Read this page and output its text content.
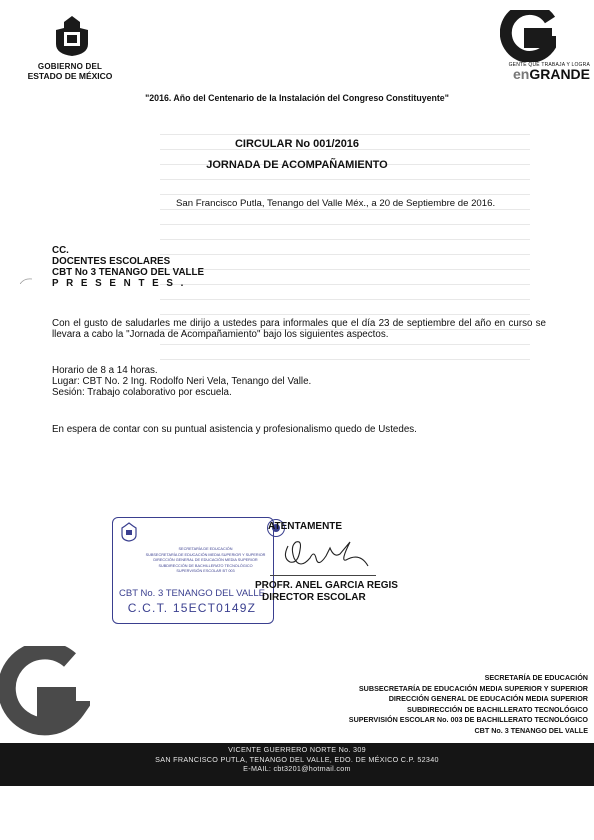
GOBIERNO DEL
ESTADO DE MÉXICO
GENTE QUE TRABAJA Y LOGRA
enGRANDE
"2016. Año del Centenario de la Instalación del Congreso Constituyente"
CIRCULAR No 001/2016
JORNADA DE ACOMPAÑAMIENTO
San Francisco Putla, Tenango del Valle Méx., a 20 de Septiembre de 2016.
CC.
DOCENTES ESCOLARES
CBT No 3 TENANGO DEL VALLE
P R E S E N T E S .
Con el gusto de saludarles me dirijo a ustedes para informales que el día 23 de septiembre del año en curso se llevara a cabo la "Jornada de Acompañamiento" bajo los siguientes aspectos.
Horario de 8 a 14 horas.
Lugar: CBT No. 2 Ing. Rodolfo Neri Vela, Tenango del Valle.
Sesión: Trabajo colaborativo por escuela.
En espera de contar con su puntual asistencia y profesionalismo quedo de Ustedes.
SECRETARÍA DE EDUCACIÓN
SUBSECRETARÍA DE EDUCACIÓN MEDIA SUPERIOR Y SUPERIOR
DIRECCIÓN GENERAL DE EDUCACIÓN MEDIA SUPERIOR
SUBDIRECCIÓN DE BACHILLERATO TECNOLÓGICO
SUPERVISIÓN ESCOLAR BT 003
CBT No. 3 TENANGO DEL VALLE
C.C.T. 15ECT0149Z
ATENTAMENTE
PROFR. ANEL GARCIA REGIS
DIRECTOR ESCOLAR
SECRETARÍA DE EDUCACIÓN
SUBSECRETARÍA DE EDUCACIÓN MEDIA SUPERIOR Y SUPERIOR
DIRECCIÓN GENERAL DE EDUCACIÓN MEDIA SUPERIOR
SUBDIRECCIÓN DE BACHILLERATO TECNOLÓGICO
SUPERVISIÓN ESCOLAR No. 003 DE BACHILLERATO TECNOLÓGICO
CBT No. 3 TENANGO DEL VALLE
VICENTE GUERRERO NORTE No. 309
SAN FRANCISCO PUTLA, TENANGO DEL VALLE, EDO. DE MÉXICO C.P. 52340
E-MAIL: cbt3201@hotmail.com
